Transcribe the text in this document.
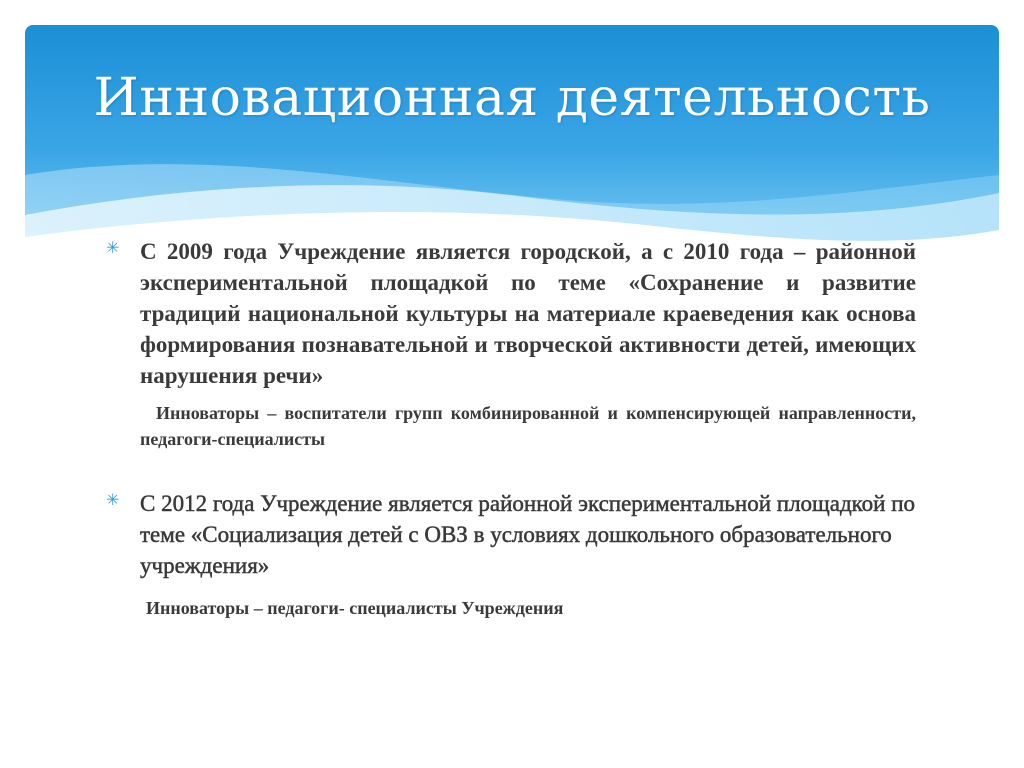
Инновационная деятельность
✳ С 2009 года Учреждение является городской, а с 2010 года – районной экспериментальной площадкой по теме «Сохранение и развитие традиций национальной культуры на материале краеведения как основа формирования познавательной и творческой активности детей, имеющих нарушения речи»
Инноваторы – воспитатели групп комбинированной и компенсирующей направленности, педагоги-специалисты
✳ С 2012 года Учреждение является районной экспериментальной площадкой по теме «Социализация детей с ОВЗ в условиях дошкольного образовательного учреждения»
Инноваторы – педагоги- специалисты Учреждения
